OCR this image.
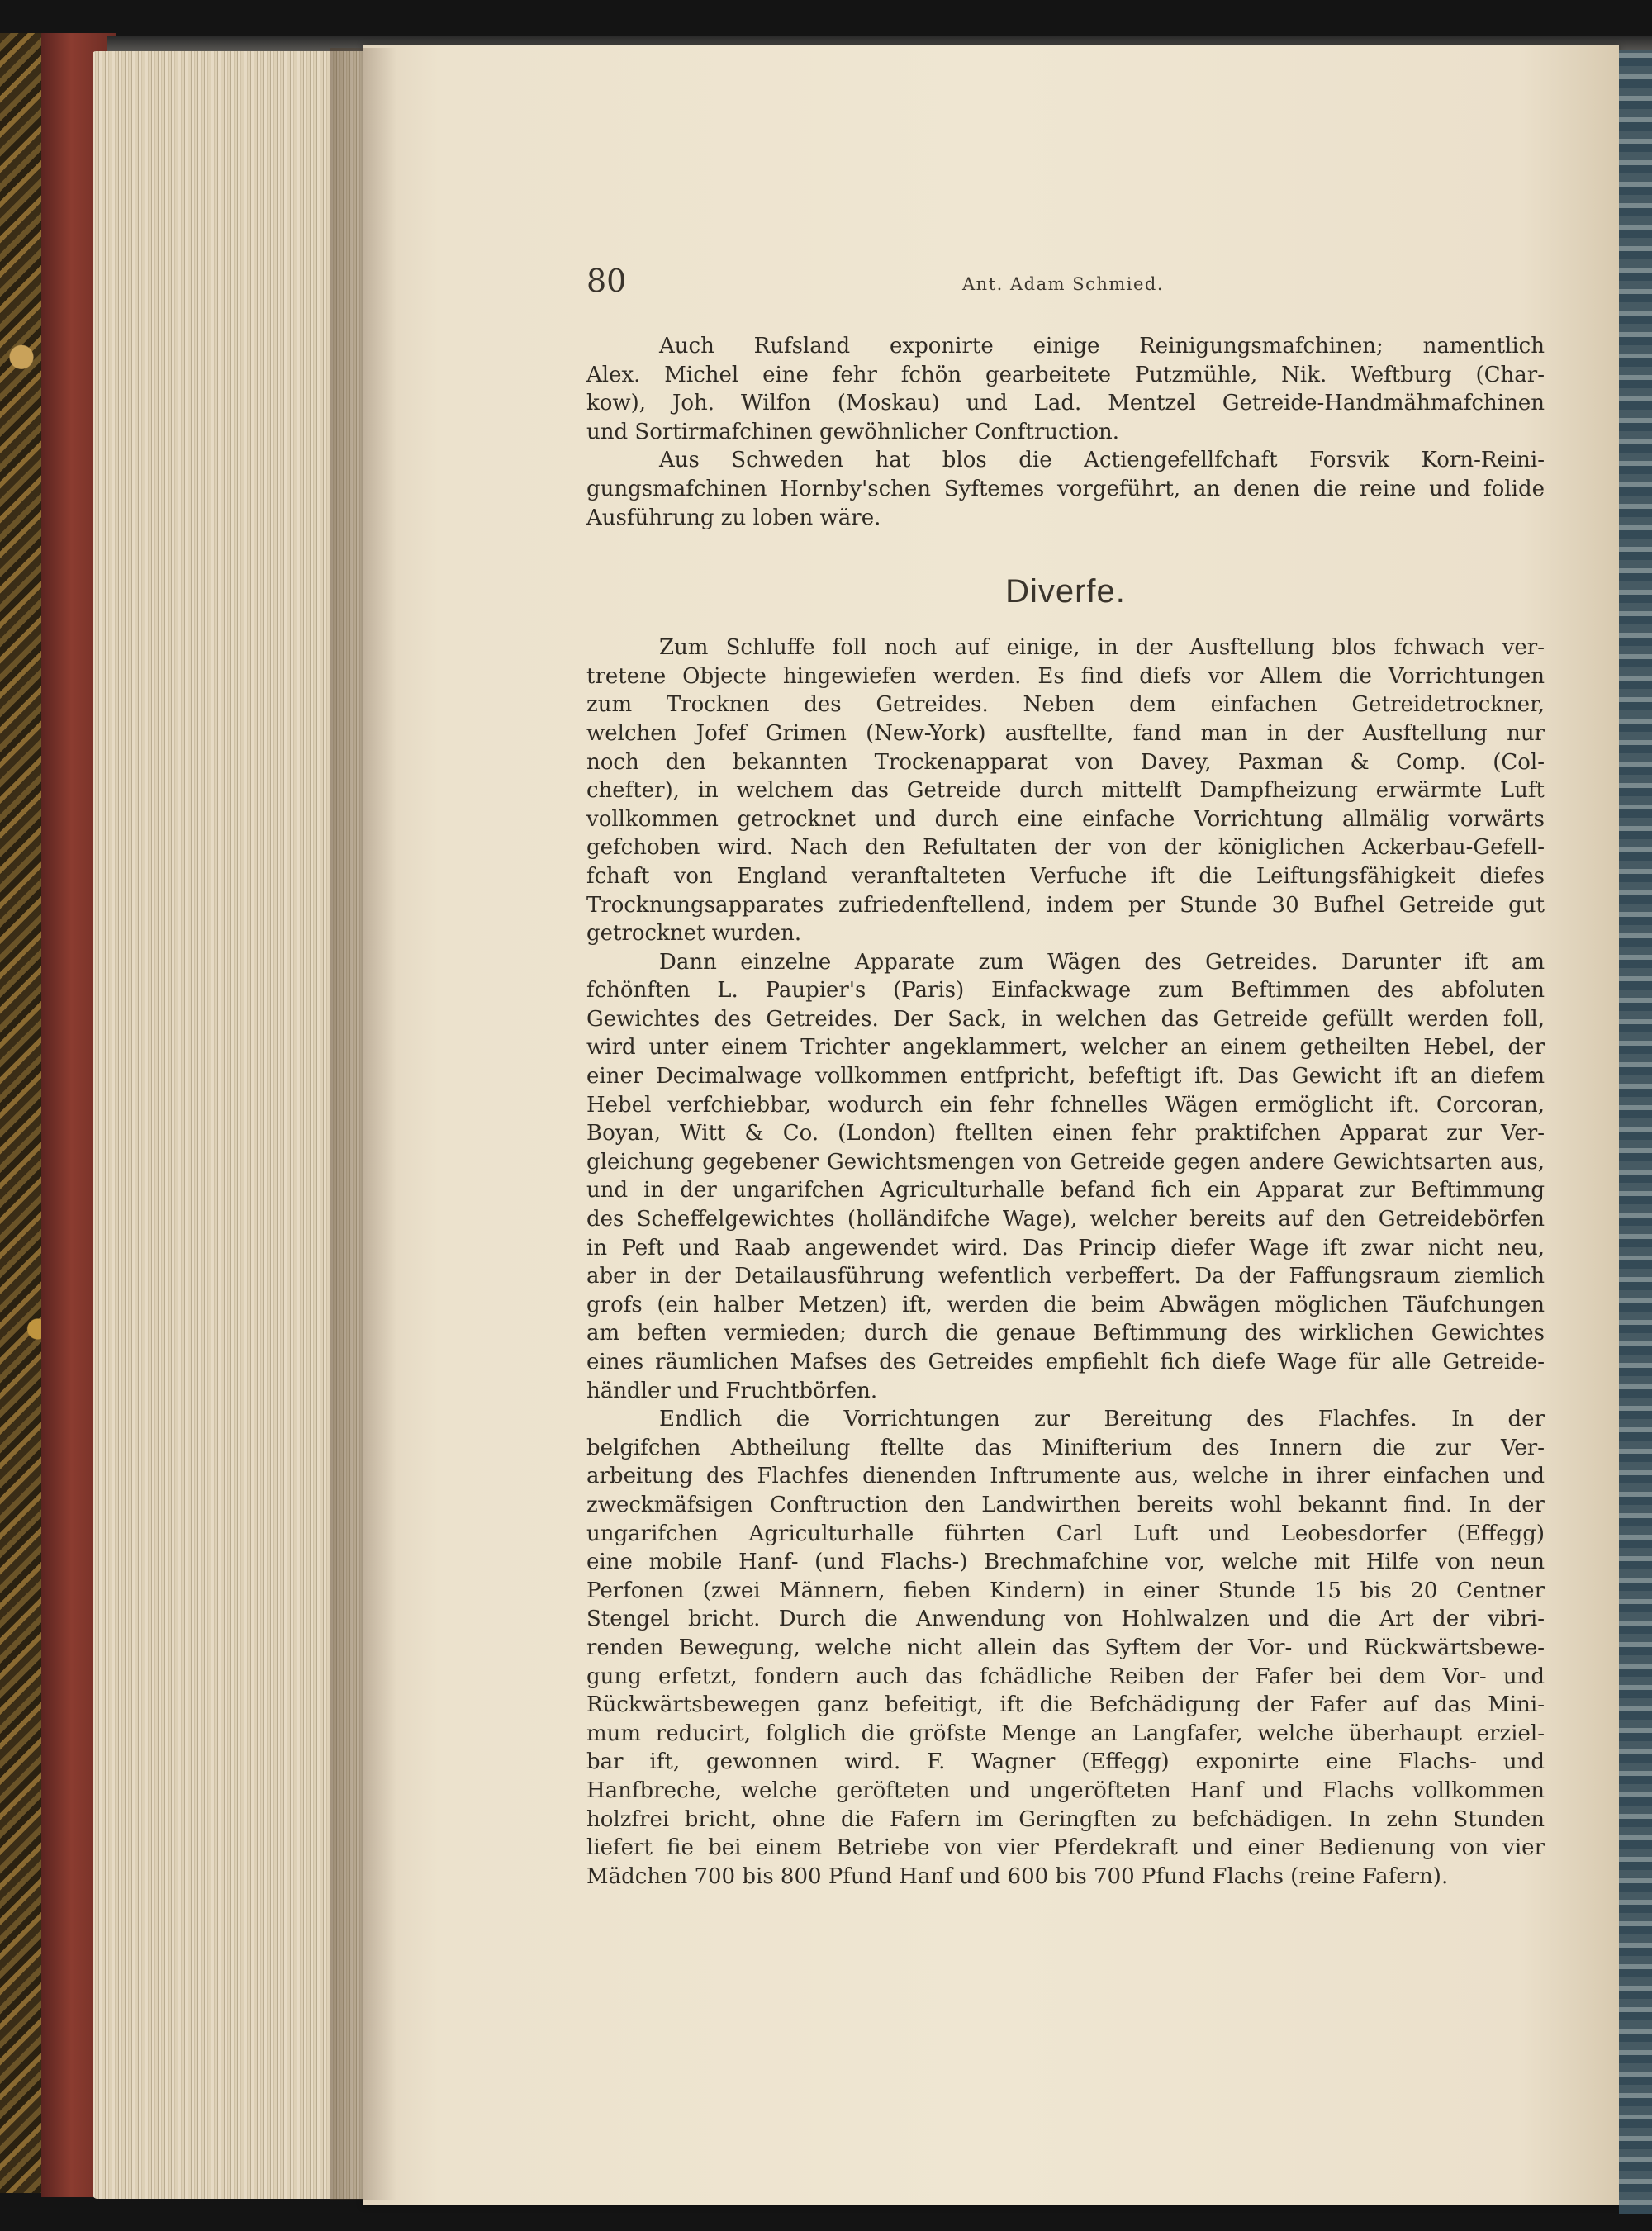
80	Ant. Adam Schmied.
Auch Rufsland exponirte einige Reinigungsmafchinen; namentlich
Alex. Michel eine fehr fchön gearbeitete Putzmühle, Nik. Weftburg (Char-
kow), Joh. Wilfon (Moskau) und Lad. Mentzel Getreide-Handmähmafchinen
und Sortirmafchinen gewöhnlicher Conftruction.
Aus Schweden hat blos die Actiengefellfchaft Forsvik Korn-Reini-
gungsmafchinen Hornby'schen Syftemes vorgeführt, an denen die reine und folide
Ausführung zu loben wäre.
Diverfe.
Zum Schluffe foll noch auf einige, in der Ausftellung blos fchwach ver-
tretene Objecte hingewiefen werden. Es find diefs vor Allem die Vorrichtungen
zum Trocknen des Getreides. Neben dem einfachen Getreidetrockner,
welchen Jofef Grimen (New-York) ausftellte, fand man in der Ausftellung nur
noch den bekannten Trockenapparat von Davey, Paxman & Comp. (Col-
chefter), in welchem das Getreide durch mittelft Dampfheizung erwärmte Luft
vollkommen getrocknet und durch eine einfache Vorrichtung allmälig vorwärts
gefchoben wird. Nach den Refultaten der von der königlichen Ackerbau-Gefell-
fchaft von England veranftalteten Verfuche ift die Leiftungsfähigkeit diefes
Trocknungsapparates zufriedenftellend, indem per Stunde 30 Bufhel Getreide gut
getrocknet wurden.
Dann einzelne Apparate zum Wägen des Getreides. Darunter ift am
fchönften L. Paupier's (Paris) Einfackwage zum Beftimmen des abfoluten
Gewichtes des Getreides. Der Sack, in welchen das Getreide gefüllt werden foll,
wird unter einem Trichter angeklammert, welcher an einem getheilten Hebel, der
einer Decimalwage vollkommen entfpricht, befeftigt ift. Das Gewicht ift an diefem
Hebel verfchiebbar, wodurch ein fehr fchnelles Wägen ermöglicht ift. Corcoran,
Boyan, Witt & Co. (London) ftellten einen fehr praktifchen Apparat zur Ver-
gleichung gegebener Gewichtsmengen von Getreide gegen andere Gewichtsarten aus,
und in der ungarifchen Agriculturhalle befand fich ein Apparat zur Beftimmung
des Scheffelgewichtes (holländifche Wage), welcher bereits auf den Getreidebörfen
in Peft und Raab angewendet wird. Das Princip diefer Wage ift zwar nicht neu,
aber in der Detailausführung wefentlich verbeffert. Da der Faffungsraum ziemlich
grofs (ein halber Metzen) ift, werden die beim Abwägen möglichen Täufchungen
am beften vermieden; durch die genaue Beftimmung des wirklichen Gewichtes
eines räumlichen Mafses des Getreides empfiehlt fich diefe Wage für alle Getreide-
händler und Fruchtbörfen.
Endlich die Vorrichtungen zur Bereitung des Flachfes. In der
belgifchen Abtheilung ftellte das Minifterium des Innern die zur Ver-
arbeitung des Flachfes dienenden Inftrumente aus, welche in ihrer einfachen und
zweckmäfsigen Conftruction den Landwirthen bereits wohl bekannt find. In der
ungarifchen Agriculturhalle führten Carl Luft und Leobesdorfer (Effegg)
eine mobile Hanf- (und Flachs-) Brechmafchine vor, welche mit Hilfe von neun
Perfonen (zwei Männern, fieben Kindern) in einer Stunde 15 bis 20 Centner
Stengel bricht. Durch die Anwendung von Hohlwalzen und die Art der vibri-
renden Bewegung, welche nicht allein das Syftem der Vor- und Rückwärtsbewe-
gung erfetzt, fondern auch das fchädliche Reiben der Fafer bei dem Vor- und
Rückwärtsbewegen ganz befeitigt, ift die Befchädigung der Fafer auf das Mini-
mum reducirt, folglich die gröfste Menge an Langfafer, welche überhaupt erziel-
bar ift, gewonnen wird. F. Wagner (Effegg) exponirte eine Flachs- und
Hanfbreche, welche geröfteten und ungeröfteten Hanf und Flachs vollkommen
holzfrei bricht, ohne die Fafern im Geringften zu befchädigen. In zehn Stunden
liefert fie bei einem Betriebe von vier Pferdekraft und einer Bedienung von vier
Mädchen 700 bis 800 Pfund Hanf und 600 bis 700 Pfund Flachs (reine Fafern).
